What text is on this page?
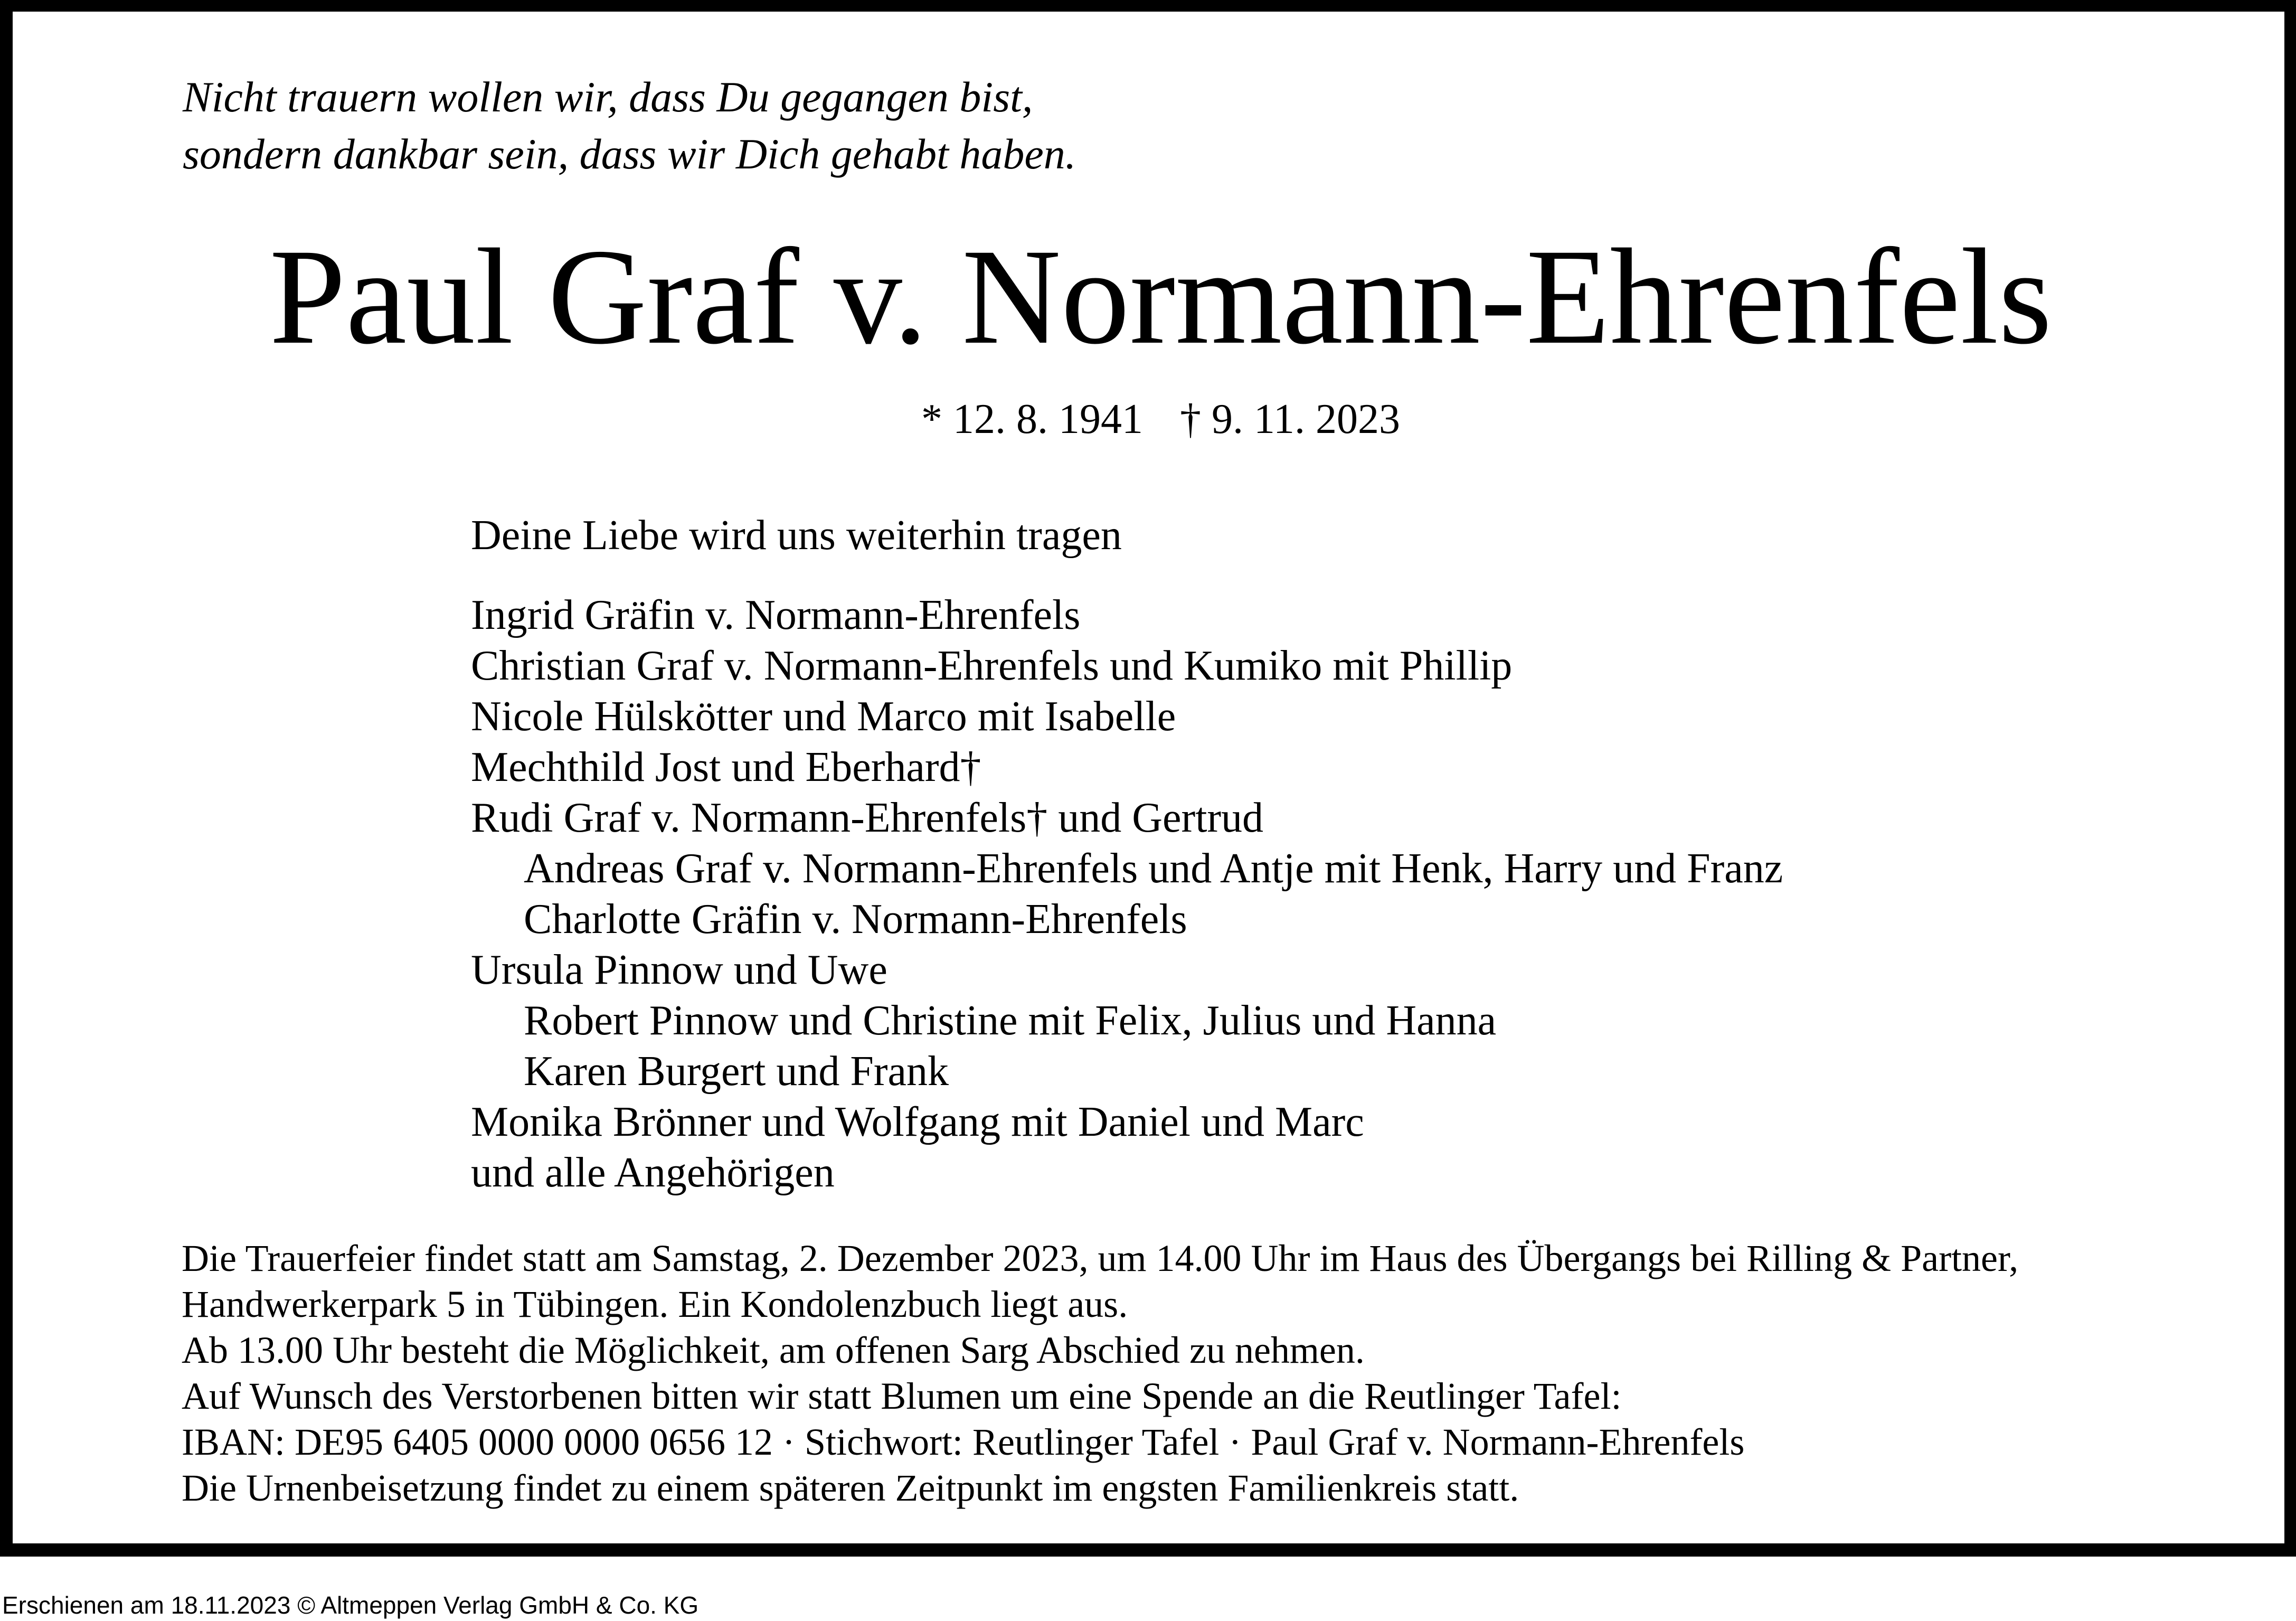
Nicht trauern wollen wir, dass Du gegangen bist,
sondern dankbar sein, dass wir Dich gehabt haben.
Paul Graf v. Normann-Ehrenfels
* 12. 8. 1941 † 9. 11. 2023
Deine Liebe wird uns weiterhin tragen
Ingrid Gräfin v. Normann-Ehrenfels
Christian Graf v. Normann-Ehrenfels und Kumiko mit Phillip
Nicole Hülskötter und Marco mit Isabelle
Mechthild Jost und Eberhard†
Rudi Graf v. Normann-Ehrenfels† und Gertrud
Andreas Graf v. Normann-Ehrenfels und Antje mit Henk, Harry und Franz
Charlotte Gräfin v. Normann-Ehrenfels
Ursula Pinnow und Uwe
Robert Pinnow und Christine mit Felix, Julius und Hanna
Karen Burgert und Frank
Monika Brönner und Wolfgang mit Daniel und Marc
und alle Angehörigen
Die Trauerfeier findet statt am Samstag, 2. Dezember 2023, um 14.00 Uhr im Haus des Übergangs bei Rilling & Partner,
Handwerkerpark 5 in Tübingen. Ein Kondolenzbuch liegt aus.
Ab 13.00 Uhr besteht die Möglichkeit, am offenen Sarg Abschied zu nehmen.
Auf Wunsch des Verstorbenen bitten wir statt Blumen um eine Spende an die Reutlinger Tafel:
IBAN: DE95 6405 0000 0000 0656 12 · Stichwort: Reutlinger Tafel · Paul Graf v. Normann-Ehrenfels
Die Urnenbeisetzung findet zu einem späteren Zeitpunkt im engsten Familienkreis statt.
Erschienen am 18.11.2023 © Altmeppen Verlag GmbH & Co. KG
